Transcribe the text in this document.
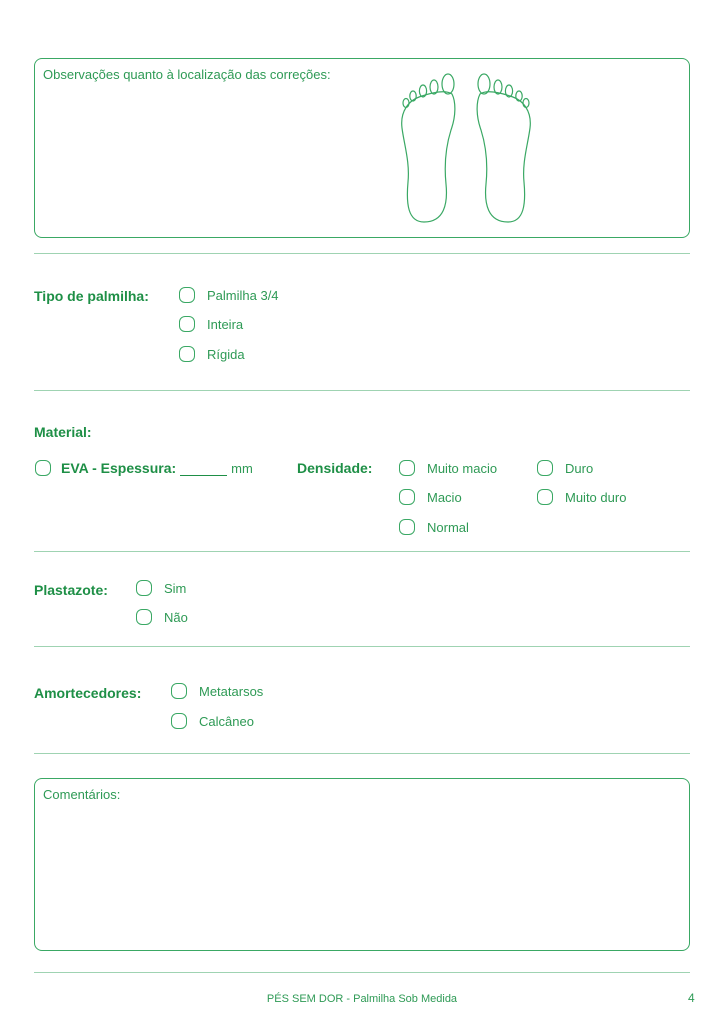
Observações quanto à localização das correções:
Tipo de palmilha:	Palmilha 3/4
Inteira
Rígida
Material:
EVA - Espessura:	mm	Densidade:	Muito macio
Macio
Normal
Duro
Muito duro
Plastazote:	Sim
Não
Amortecedores:	Metatarsos
Calcâneo
Comentários:
PÉS SEM DOR - Palmilha Sob Medida	4
